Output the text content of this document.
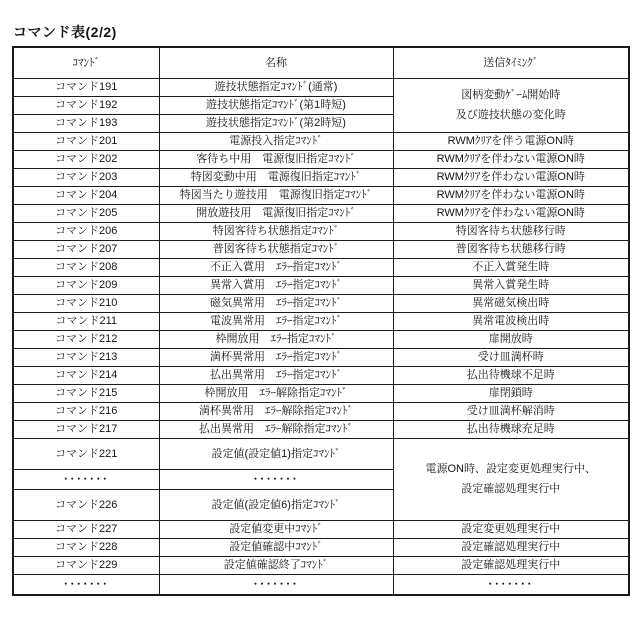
コマンド表(2/2)
ｺﾏﾝﾄﾞ	名称	送信ﾀｲﾐﾝｸﾞ
コマンド191	遊技状態指定ｺﾏﾝﾄﾞ(通常)	図柄変動ｹﾞｰﾑ開始時
及び遊技状態の変化時
コマンド192	遊技状態指定ｺﾏﾝﾄﾞ(第1時短)	
コマンド193	遊技状態指定ｺﾏﾝﾄﾞ(第2時短)	
コマンド201	電源投入指定ｺﾏﾝﾄﾞ	RWMｸﾘｱを伴う電源ON時
コマンド202	客待ち中用　電源復旧指定ｺﾏﾝﾄﾞ	RWMｸﾘｱを伴わない電源ON時
コマンド203	特図変動中用　電源復旧指定ｺﾏﾝﾄﾞ	RWMｸﾘｱを伴わない電源ON時
コマンド204	特図当たり遊技用　電源復旧指定ｺﾏﾝﾄﾞ	RWMｸﾘｱを伴わない電源ON時
コマンド205	開放遊技用　電源復旧指定ｺﾏﾝﾄﾞ	RWMｸﾘｱを伴わない電源ON時
コマンド206	特図客待ち状態指定ｺﾏﾝﾄﾞ	特図客待ち状態移行時
コマンド207	普図客待ち状態指定ｺﾏﾝﾄﾞ	普図客待ち状態移行時
コマンド208	不正入賞用　ｴﾗｰ指定ｺﾏﾝﾄﾞ	不正入賞発生時
コマンド209	異常入賞用　ｴﾗｰ指定ｺﾏﾝﾄﾞ	異常入賞発生時
コマンド210	磁気異常用　ｴﾗｰ指定ｺﾏﾝﾄﾞ	異常磁気検出時
コマンド211	電波異常用　ｴﾗｰ指定ｺﾏﾝﾄﾞ	異常電波検出時
コマンド212	枠開放用　ｴﾗｰ指定ｺﾏﾝﾄﾞ	扉開放時
コマンド213	満杯異常用　ｴﾗｰ指定ｺﾏﾝﾄﾞ	受け皿満杯時
コマンド214	払出異常用　ｴﾗｰ指定ｺﾏﾝﾄﾞ	払出待機球不足時
コマンド215	枠開放用　ｴﾗｰ解除指定ｺﾏﾝﾄﾞ	扉閉鎖時
コマンド216	満杯異常用　ｴﾗｰ解除指定ｺﾏﾝﾄﾞ	受け皿満杯解消時
コマンド217	払出異常用　ｴﾗｰ解除指定ｺﾏﾝﾄﾞ	払出待機球充足時
コマンド221	設定値(設定値1)指定ｺﾏﾝﾄﾞ	電源ON時、設定変更処理実行中、
設定確認処理実行中
･･･････	･･･････	
コマンド226	設定値(設定値6)指定ｺﾏﾝﾄﾞ	
コマンド227	設定値変更中ｺﾏﾝﾄﾞ	設定変更処理実行中
コマンド228	設定値確認中ｺﾏﾝﾄﾞ	設定確認処理実行中
コマンド229	設定値確認終了ｺﾏﾝﾄﾞ	設定確認処理実行中
･･･････	･･･････	･･･････
